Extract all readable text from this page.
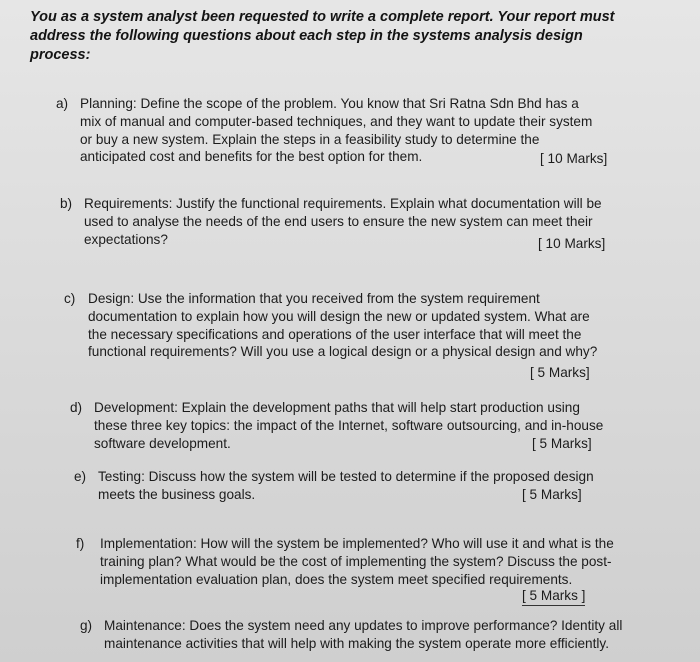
You as a system analyst been requested to write a complete report. Your report must
address the following questions about each step in the systems analysis design
process:
a) Planning: Define the scope of the problem. You know that Sri Ratna Sdn Bhd has a
mix of manual and computer-based techniques, and they want to update their system
or buy a new system. Explain the steps in a feasibility study to determine the
anticipated cost and benefits for the best option for them.	[ 10 Marks]
b) Requirements: Justify the functional requirements. Explain what documentation will be
used to analyse the needs of the end users to ensure the new system can meet their
expectations?	[ 10 Marks]
c) Design: Use the information that you received from the system requirement
documentation to explain how you will design the new or updated system. What are
the necessary specifications and operations of the user interface that will meet the
functional requirements? Will you use a logical design or a physical design and why?
[ 5 Marks]
d) Development: Explain the development paths that will help start production using
these three key topics: the impact of the Internet, software outsourcing, and in-house
software development.	[ 5 Marks]
e) Testing: Discuss how the system will be tested to determine if the proposed design
meets the business goals.	[ 5 Marks]
f) Implementation: How will the system be implemented? Who will use it and what is the
training plan? What would be the cost of implementing the system? Discuss the post-
implementation evaluation plan, does the system meet specified requirements.
[ 5 Marks ]
g) Maintenance: Does the system need any updates to improve performance? Identity all
maintenance activities that will help with making the system operate more efficiently.
